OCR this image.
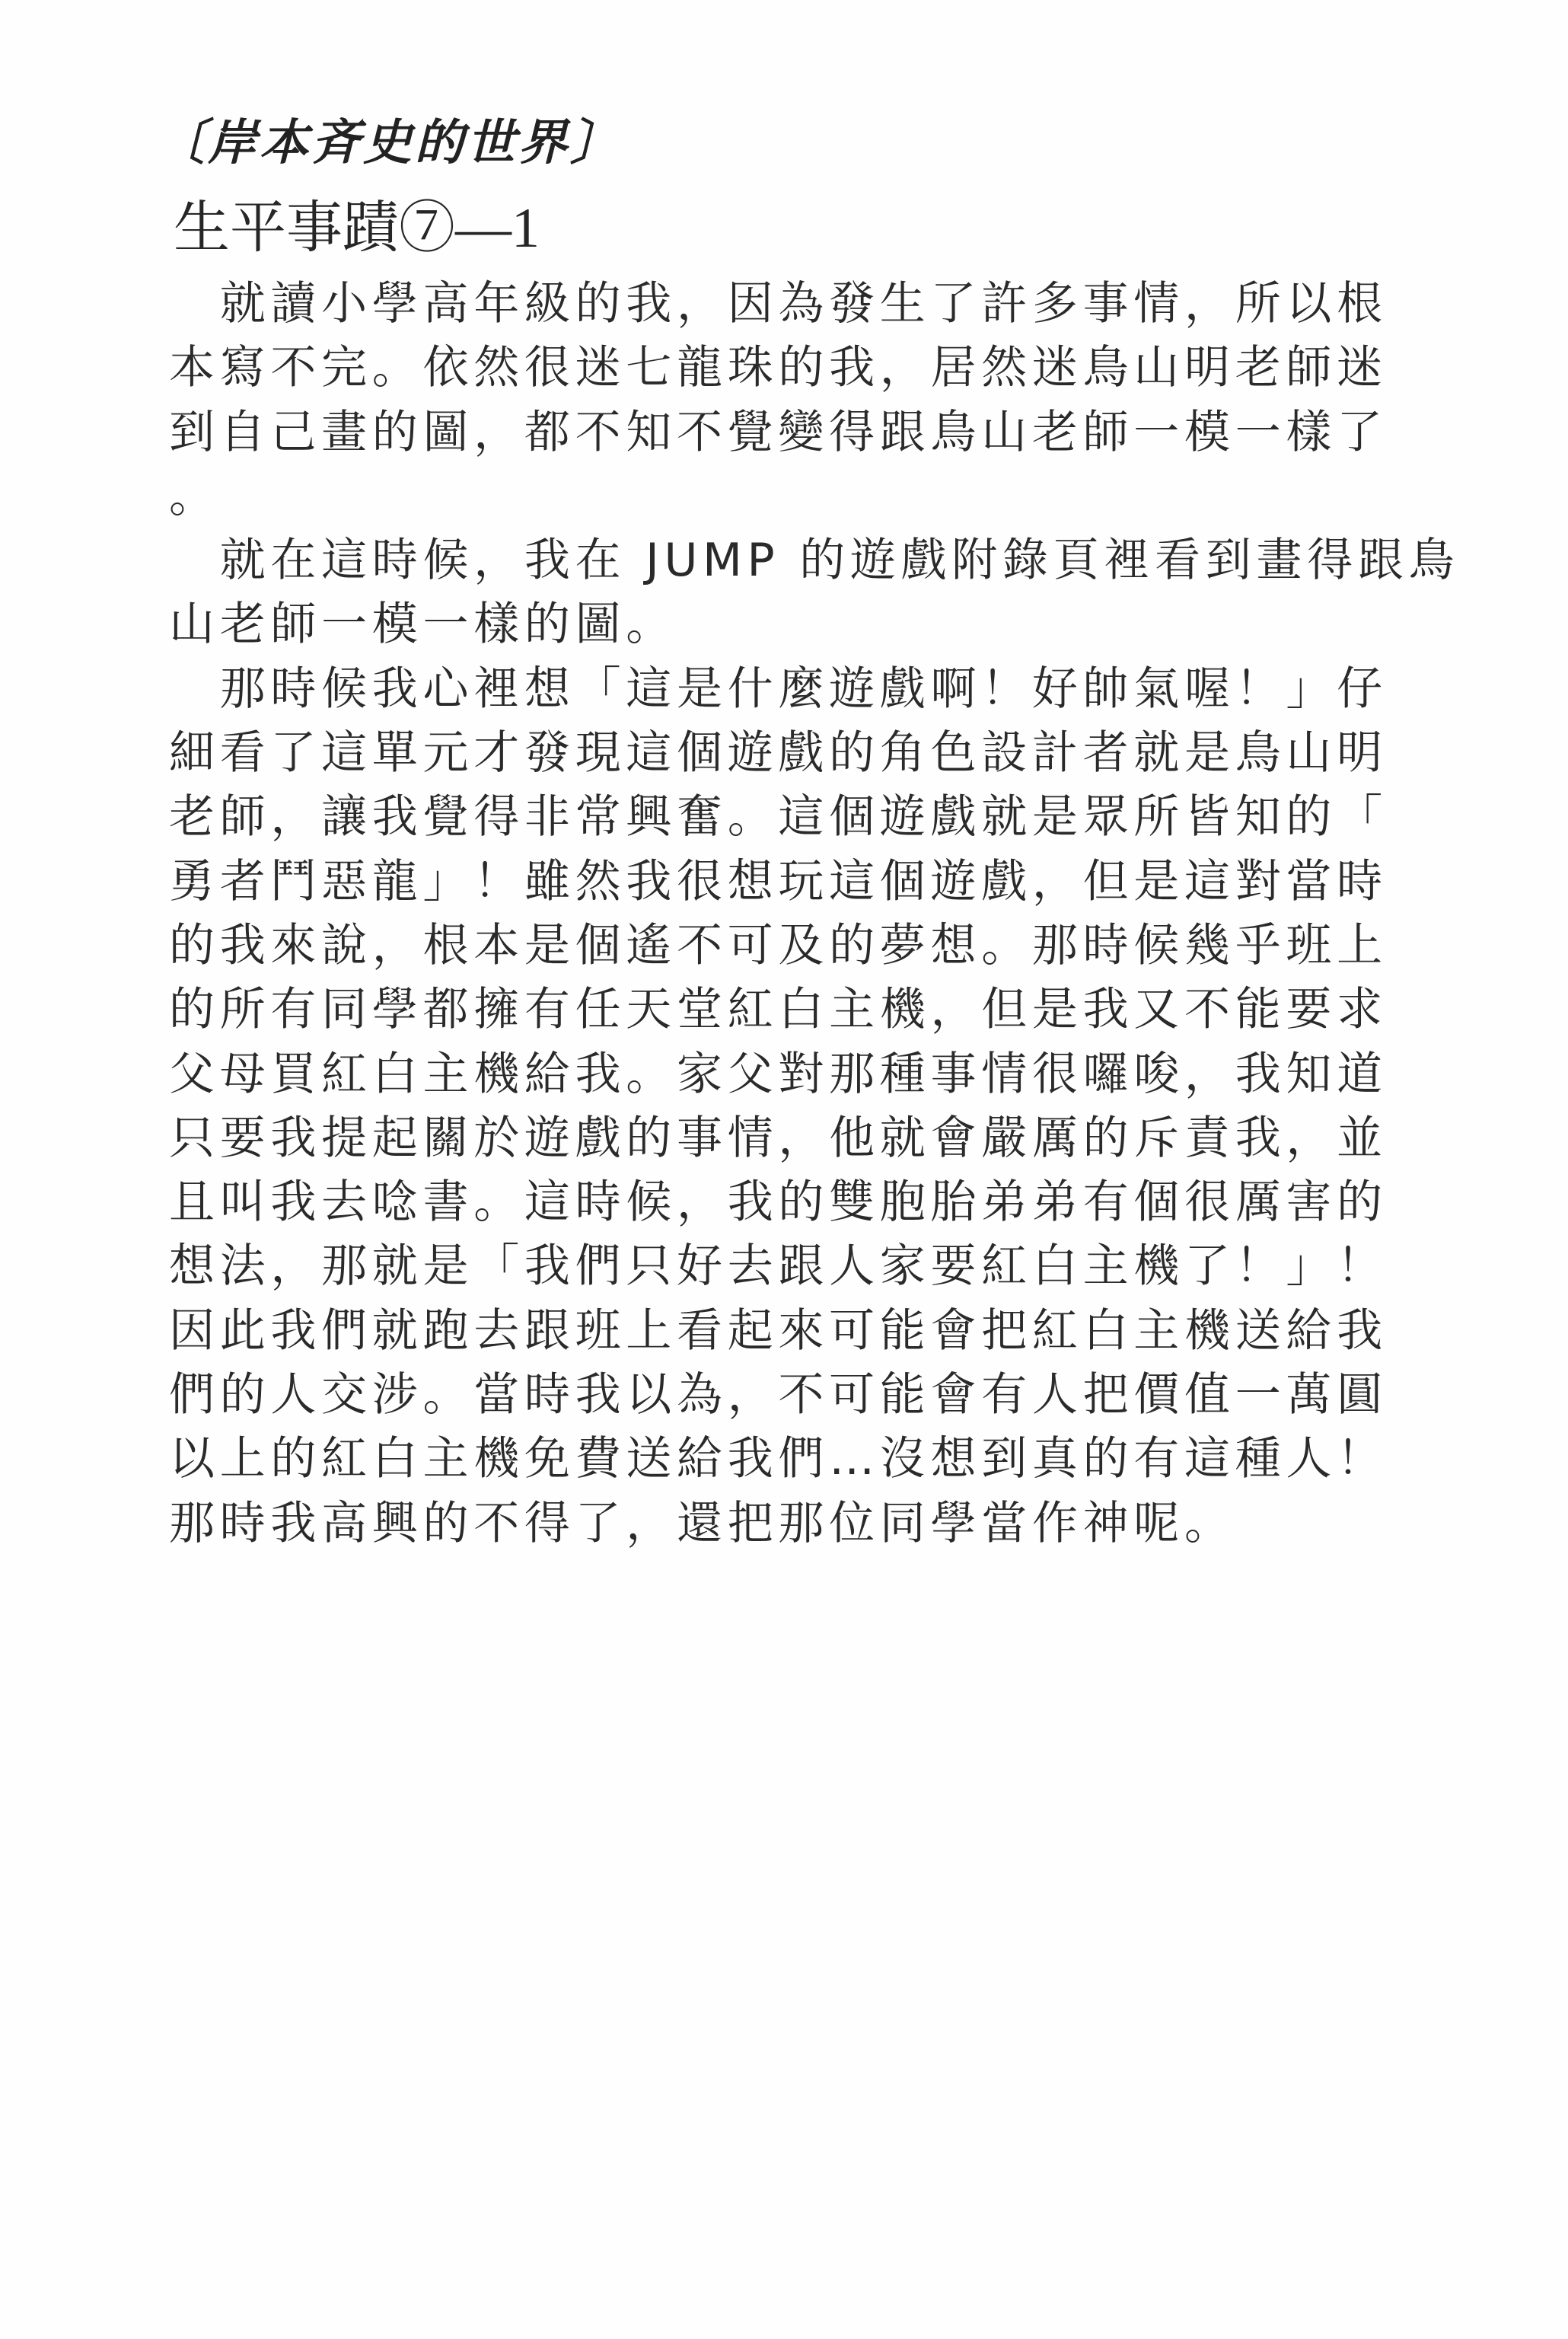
〔岸本斉史的世界〕
生平事蹟⑦—1
　就讀小學高年級的我，因為發生了許多事情，所以根
本寫不完。依然很迷七龍珠的我，居然迷鳥山明老師迷
到自己畫的圖，都不知不覺變得跟鳥山老師一模一樣了
。
　就在這時候，我在 JUMP 的遊戲附錄頁裡看到畫得跟鳥
山老師一模一樣的圖。
　那時候我心裡想「這是什麼遊戲啊！好帥氣喔！」仔
細看了這單元才發現這個遊戲的角色設計者就是鳥山明
老師，讓我覺得非常興奮。這個遊戲就是眾所皆知的「
勇者鬥惡龍」！雖然我很想玩這個遊戲，但是這對當時
的我來說，根本是個遙不可及的夢想。那時候幾乎班上
的所有同學都擁有任天堂紅白主機，但是我又不能要求
父母買紅白主機給我。家父對那種事情很囉唆，我知道
只要我提起關於遊戲的事情，他就會嚴厲的斥責我，並
且叫我去唸書。這時候，我的雙胞胎弟弟有個很厲害的
想法，那就是「我們只好去跟人家要紅白主機了！」！
因此我們就跑去跟班上看起來可能會把紅白主機送給我
們的人交涉。當時我以為，不可能會有人把價值一萬圓
以上的紅白主機免費送給我們…沒想到真的有這種人！
那時我高興的不得了，還把那位同學當作神呢。
